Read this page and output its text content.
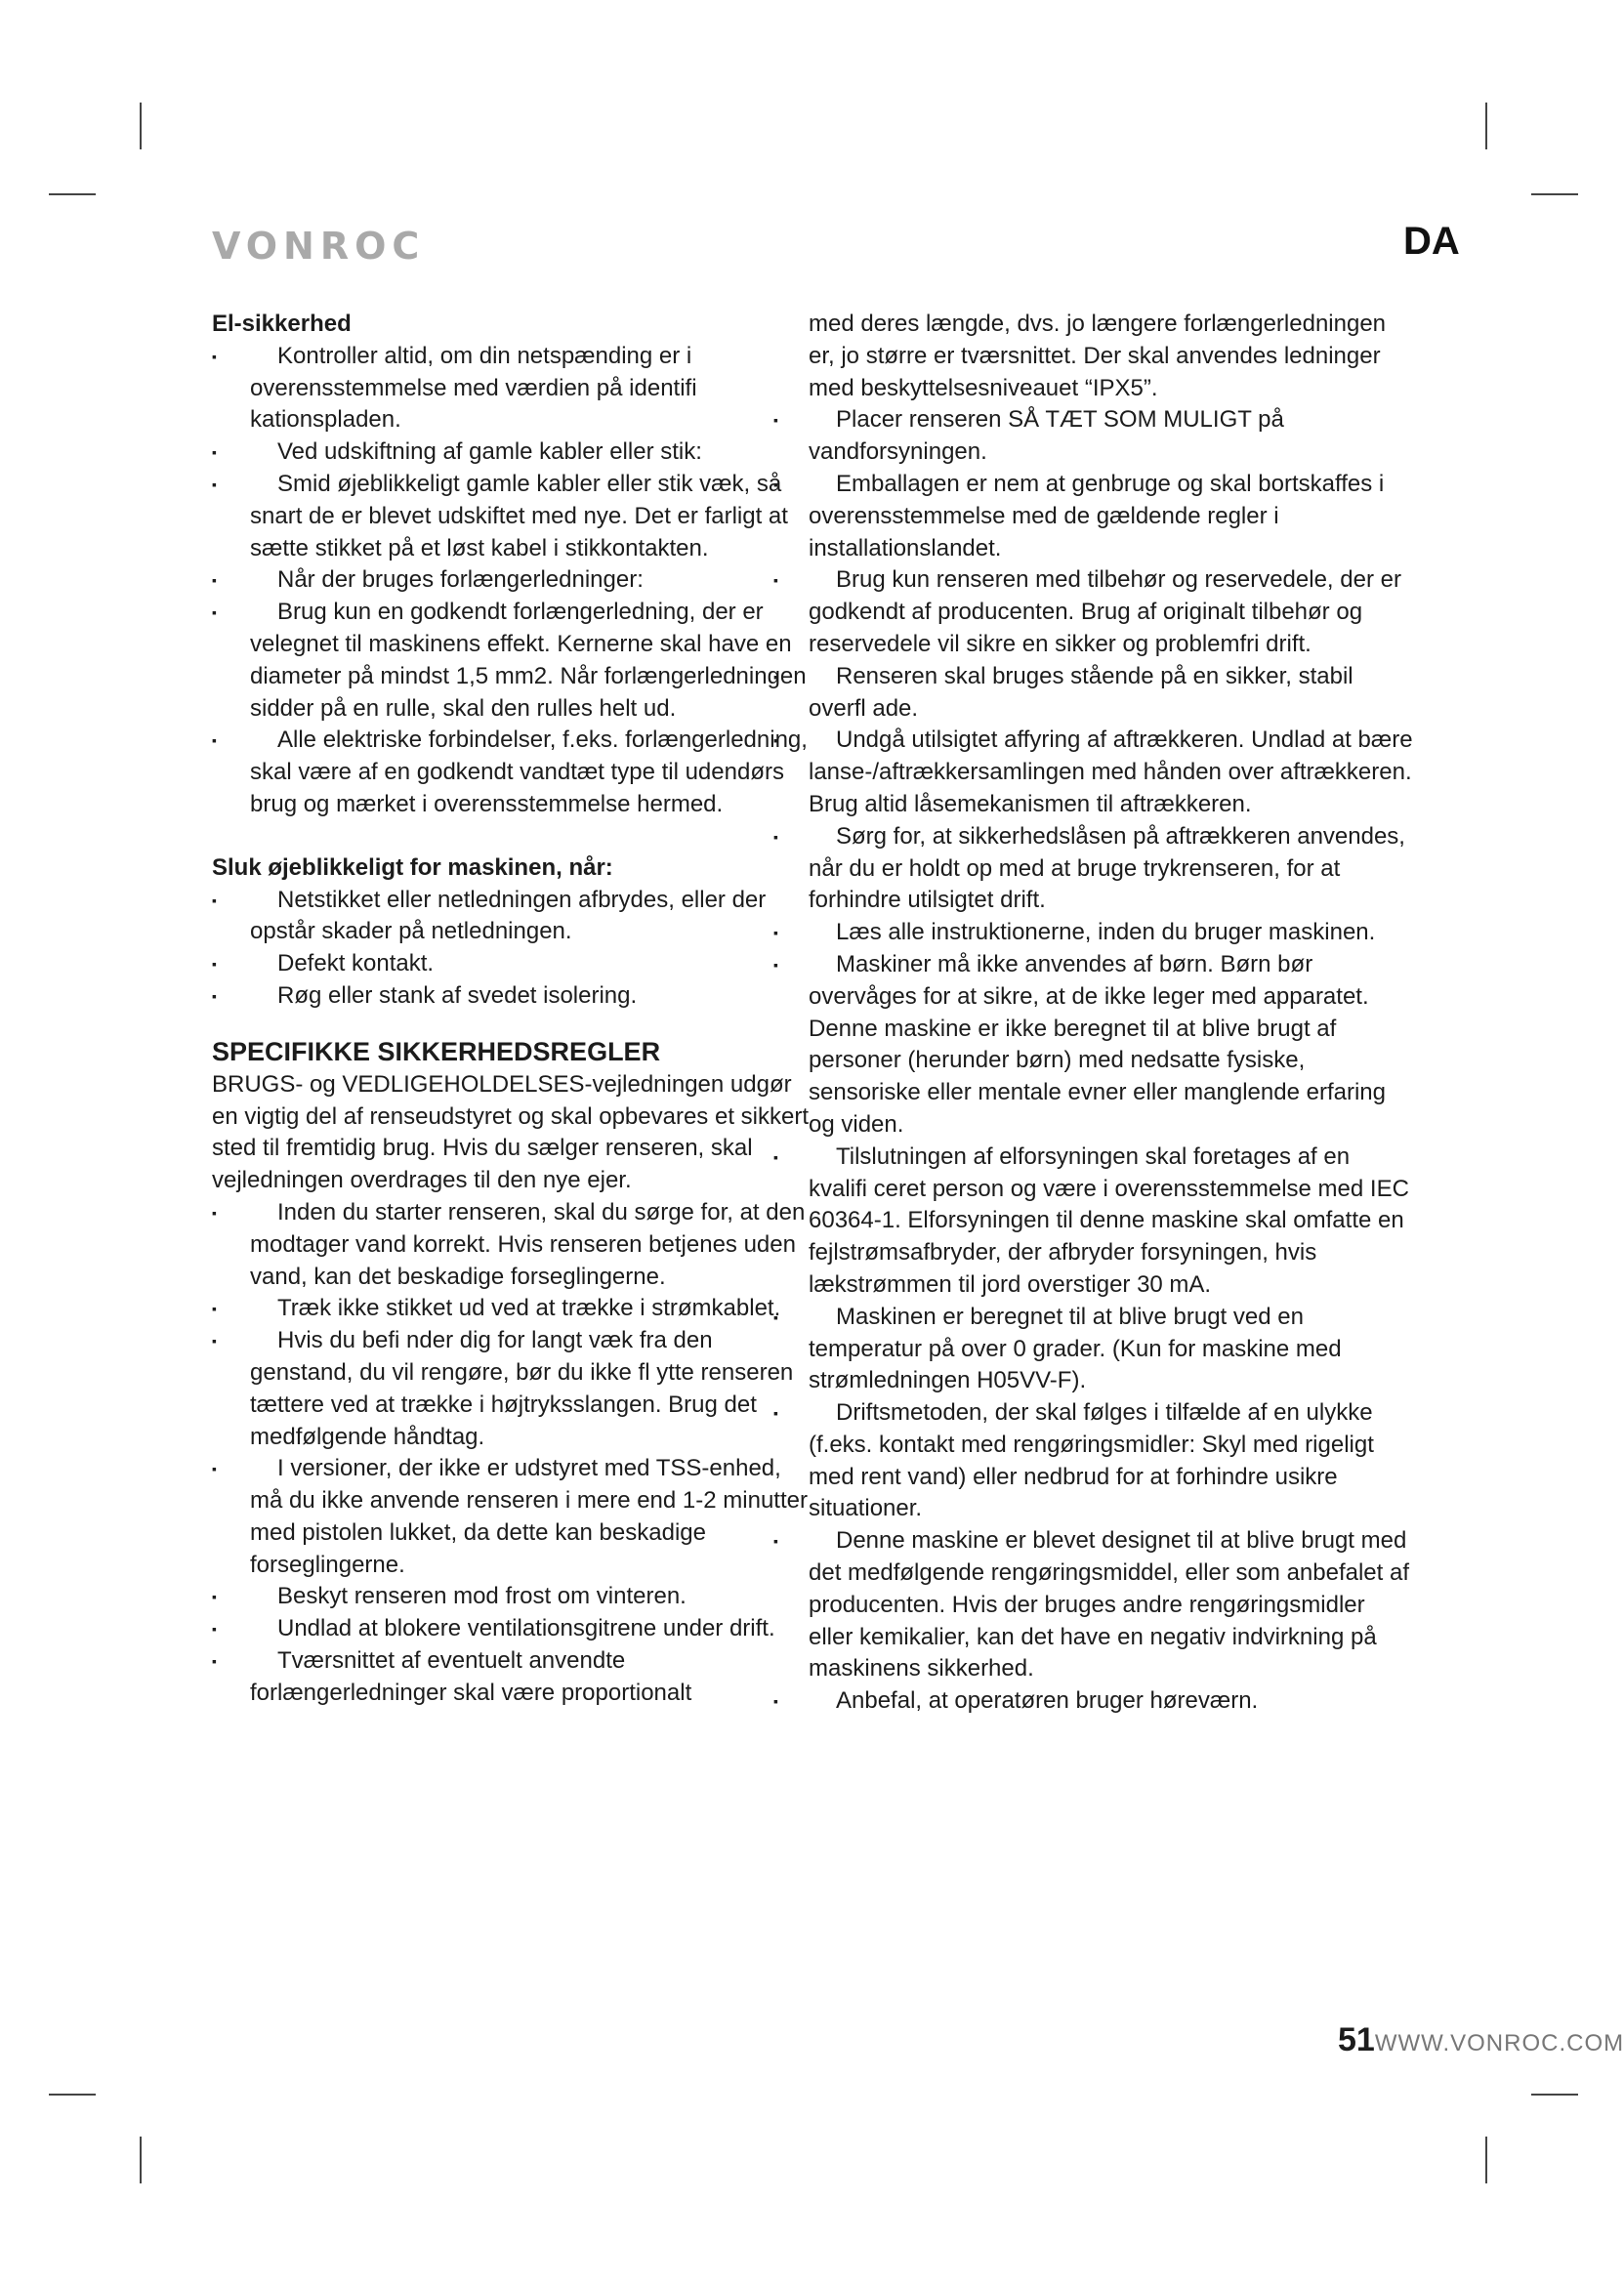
VONROC	DA

El-sikkerhed

▪ Kontroller altid, om din netspænding er i overensstemmelse med værdien på identifi kationspladen.

▪ Ved udskiftning af gamle kabler eller stik:

▪ Smid øjeblikkeligt gamle kabler eller stik væk, så snart de er blevet udskiftet med nye. Det er farligt at sætte stikket på et løst kabel i stikkontakten.

▪ Når der bruges forlængerledninger:

▪ Brug kun en godkendt forlængerledning, der er velegnet til maskinens effekt. Kernerne skal have en diameter på mindst 1,5 mm2. Når forlængerledningen sidder på en rulle, skal den rulles helt ud.

▪ Alle elektriske forbindelser, f.eks. forlængerledning, skal være af en godkendt vandtæt type til udendørs brug og mærket i overensstemmelse hermed.

Sluk øjeblikkeligt for maskinen, når:

▪ Netstikket eller netledningen afbrydes, eller der opstår skader på netledningen.

▪ Defekt kontakt.

▪ Røg eller stank af svedet isolering.

SPECIFIKKE SIKKERHEDSREGLER

BRUGS- og VEDLIGEHOLDELSES-vejledningen udgør en vigtig del af renseudstyret og skal opbevares et sikkert sted til fremtidig brug. Hvis du sælger renseren, skal vejledningen overdrages til den nye ejer.

▪ Inden du starter renseren, skal du sørge for, at den modtager vand korrekt. Hvis renseren betjenes uden vand, kan det beskadige forseglingerne.

▪ Træk ikke stikket ud ved at trække i strømkablet.

▪ Hvis du befi nder dig for langt væk fra den genstand, du vil rengøre, bør du ikke fl ytte renseren tættere ved at trække i højtryksslangen. Brug det medfølgende håndtag.

▪ I versioner, der ikke er udstyret med TSS-enhed, må du ikke anvende renseren i mere end 1-2 minutter med pistolen lukket, da dette kan beskadige forseglingerne.

▪ Beskyt renseren mod frost om vinteren.

▪ Undlad at blokere ventilationsgitrene under drift.

▪ Tværsnittet af eventuelt anvendte forlængerledninger skal være proportionalt

med deres længde, dvs. jo længere forlængerledningen er, jo større er tværsnittet. Der skal anvendes ledninger med beskyttelsesniveauet “IPX5”.

▪ Placer renseren SÅ TÆT SOM MULIGT på vandforsyningen.

▪ Emballagen er nem at genbruge og skal bortskaffes i overensstemmelse med de gældende regler i installationslandet.

▪ Brug kun renseren med tilbehør og reservedele, der er godkendt af producenten. Brug af originalt tilbehør og reservedele vil sikre en sikker og problemfri drift.

▪ Renseren skal bruges stående på en sikker, stabil overfl ade.

▪ Undgå utilsigtet affyring af aftrækkeren. Undlad at bære lanse-/aftrækkersamlingen med hånden over aftrækkeren. Brug altid låsemekanismen til aftrækkeren.

▪ Sørg for, at sikkerhedslåsen på aftrækkeren anvendes, når du er holdt op med at bruge trykrenseren, for at forhindre utilsigtet drift.

▪ Læs alle instruktionerne, inden du bruger maskinen.

▪ Maskiner må ikke anvendes af børn. Børn bør overvåges for at sikre, at de ikke leger med apparatet. Denne maskine er ikke beregnet til at blive brugt af personer (herunder børn) med nedsatte fysiske, sensoriske eller mentale evner eller manglende erfaring og viden.

▪ Tilslutningen af elforsyningen skal foretages af en kvalifi ceret person og være i overensstemmelse med IEC 60364-1. Elforsyningen til denne maskine skal omfatte en fejlstrømsafbryder, der afbryder forsyningen, hvis lækstrømmen til jord overstiger 30 mA.

▪ Maskinen er beregnet til at blive brugt ved en temperatur på over 0 grader. (Kun for maskine med strømledningen H05VV-F).

▪ Driftsmetoden, der skal følges i tilfælde af en ulykke (f.eks. kontakt med rengøringsmidler: Skyl med rigeligt med rent vand) eller nedbrud for at forhindre usikre situationer.

▪ Denne maskine er blevet designet til at blive brugt med det medfølgende rengøringsmiddel, eller som anbefalet af producenten. Hvis der bruges andre rengøringsmidler eller kemikalier, kan det have en negativ indvirkning på maskinens sikkerhed.

▪ Anbefal, at operatøren bruger høreværn.

51WWW.VONROC.COM
